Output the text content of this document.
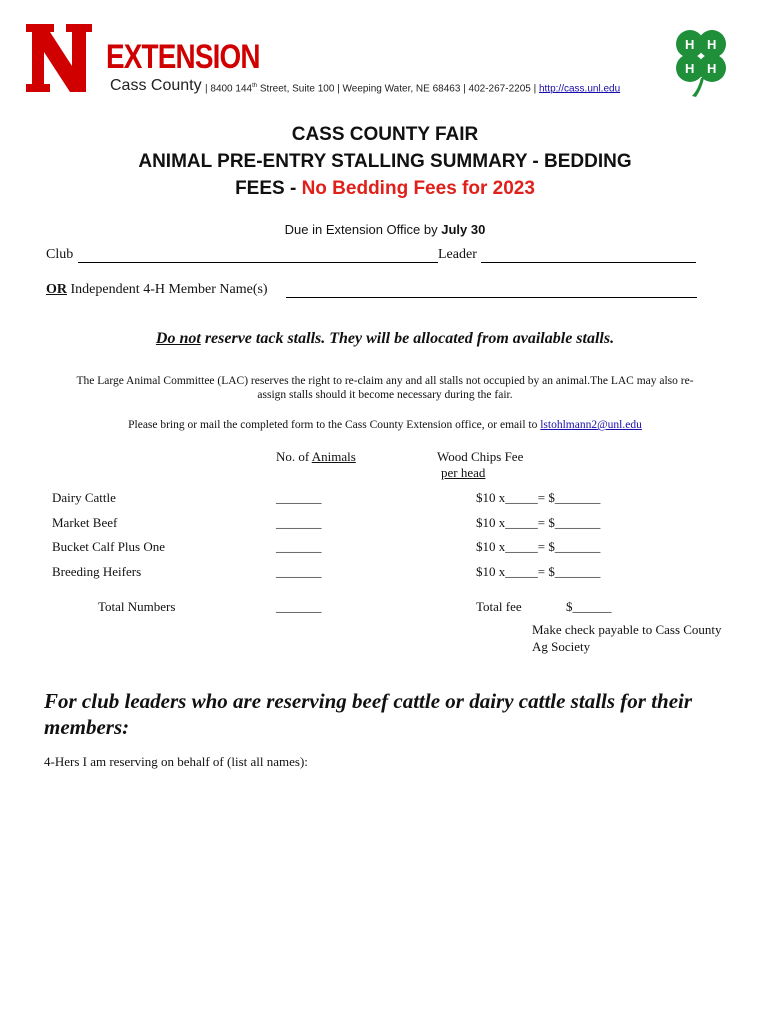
EXTENSION
Cass County | 8400 144th Street, Suite 100 | Weeping Water, NE 68463 | 402-267-2205 | http://cass.unl.edu
H H
H H
CASS COUNTY FAIR
ANIMAL PRE-ENTRY STALLING SUMMARY - BEDDING
FEES - No Bedding Fees for 2023
Due in Extension Office by July 30
Club	Leader
OR Independent 4-H Member Name(s)
Do not reserve tack stalls. They will be allocated from available stalls.
The Large Animal Committee (LAC) reserves the right to re-claim any and all stalls not occupied by an animal.The LAC may also re-
assign stalls should it become necessary during the fair.
Please bring or mail the completed form to the Cass County Extension office, or email to lstohlmann2@unl.edu
No. of Animals	Wood Chips Fee
per head
Dairy Cattle	_______	$10 x_____= $_______
Market Beef	_______	$10 x_____= $_______
Bucket Calf Plus One	_______	$10 x_____= $_______
Breeding Heifers	_______	$10 x_____= $_______
Total Numbers	_______	Total fee	$______
Make check payable to Cass County
Ag Society
For club leaders who are reserving beef cattle or dairy cattle stalls for their members:
4-Hers I am reserving on behalf of (list all names):
